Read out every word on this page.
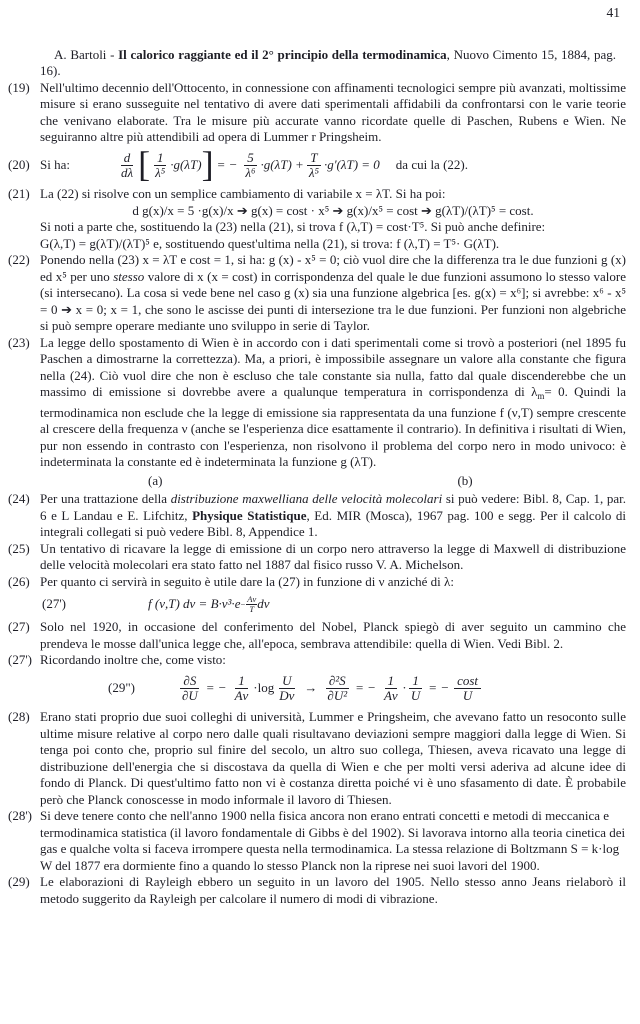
41
A. Bartoli - Il calorico raggiante ed il 2° principio della termodinamica, Nuovo Cimento 15, 1884, pag. 16).
(19) Nell'ultimo decennio dell'Ottocento, in connessione con affinamenti tecnologici sempre più avanzati, moltissime misure si erano susseguite nel tentativo di avere dati sperimentali affidabili da confrontarsi con le varie teorie che venivano elaborate. Tra le misure più accurate vanno ricordate quelle di Paschen, Rubens e Wien. Ne seguiranno altre più attendibili ad opera di Lummer r Pringsheim.
(20) Si ha:	$\frac{d}{d\lambda}$ [ $\frac{1}{\text{λ⁵}} \cdot g(\lambda T)$ ] = − $\frac{5}{\text{λ⁶}} \cdot g(\lambda T) + \frac{T}{\text{λ⁵}} \cdot g'(\lambda T) = 0$ da cui la (22).
(21) La (22) si risolve con un semplice cambiamento di variabile x = λT. Si ha poi:
d g(x)/x = 5 ·g(x)/x ➔ g(x) = cost · x⁵ ➔ g(x)/x⁵ = cost ➔ g(λT)/(λT)⁵ = cost.
Si noti a parte che, sostituendo la (23) nella (21), si trova f (λ,T) = cost·T⁵. Si può anche definire:
G(λ,T) = g(λT)/(λT)⁵ e, sostituendo quest'ultima nella (21), si trova: f (λ,T) = T⁵· G(λT).
(22) Ponendo nella (23) x = λT e cost = 1, si ha: g (x) - x⁵ = 0; ciò vuol dire che la differenza tra le due funzioni g (x) ed x⁵ per uno stesso valore di x (x = cost) in corrispondenza del quale le due funzioni assumono lo stesso valore (si intersecano). La cosa si vede bene nel caso g (x) sia una funzione algebrica [es. g(x) = x⁶]; si avrebbe: x⁶ - x⁵ = 0 ➔ x = 0; x = 1, che sono le ascisse dei punti di intersezione tra le due funzioni. Per funzioni non algebriche si può sempre operare mediante uno sviluppo in serie di Taylor.
(23) La legge dello spostamento di Wien è in accordo con i dati sperimentali come si trovò a posteriori (nel 1895 fu Paschen a dimostrarne la correttezza). Ma, a priori, è impossibile assegnare un valore alla constante che figura nella (24). Ciò vuol dire che non è escluso che tale constante sia nulla, fatto dal quale discenderebbe che un massimo di emissione si dovrebbe avere a qualunque temperatura in corrispondenza di $\lambda_m= 0$. Quindi la termodinamica non esclude che la legge di emissione sia rappresentata da una funzione f (ν,T) sempre crescente al crescere della frequenza ν (anche se l'esperienza dice esattamente il contrario). In definitiva i risultati di Wien, pur non essendo in contrasto con l'esperienza, non risolvono il problema del corpo nero in modo univoco: è indeterminata la constante ed è indeterminata la funzione g (λT).
(a)	(b)
(24) Per una trattazione della distribuzione maxwelliana delle velocità molecolari si può vedere: Bibl. 8, Cap. 1, par. 6 e L Landau e E. Lifchitz, Physique Statistique, Ed. MIR (Mosca), 1967 pag. 100 e segg. Per il calcolo di integrali collegati si può vedere Bibl. 8, Appendice 1.
(25) Un tentativo di ricavare la legge di emissione di un corpo nero attraverso la legge di Maxwell di distribuzione delle velocità molecolari era stato fatto nel 1887 dal fisico russo V. A. Michelson.
(26) Per quanto ci servirà in seguito è utile dare la (27) in funzione di ν anziché di λ:
(27')	f (ν,T) $d\nu = B\cdot\nu^3\cdot e - \frac{A\nu}{T}$ dν
(27) Solo nel 1920, in occasione del conferimento del Nobel, Planck spiegò di aver seguito un cammino che prendeva le mosse dall'unica legge che, all'epoca, sembrava attendibile: quella di Wien. Vedi Bibl. 2.
(27') Ricordando inoltre che, come visto:
(29")	$\frac{\partial S}{\partial U}$ = − $\frac{1}{A\nu} \cdot\log \frac{U}{D\nu} \to \frac{\text{∂²S}}{\text{∂U²}}$ = − $\frac{1}{A\nu} \cdot \frac{1}{U}$ = − $\frac{\cos t}{U}$
(28) Erano stati proprio due suoi colleghi di università, Lummer e Pringsheim, che avevano fatto un resoconto sulle ultime misure relative al corpo nero dalle quali risultavano deviazioni sempre maggiori dalla legge di Wien. Si tenga poi conto che, proprio sul finire del secolo, un altro suo collega, Thiesen, aveva ricavato una legge di distribuzione dell'energia che si discostava da quella di Wien e che per molti versi aderiva ad alcune idee di fondo di Planck. Di quest'ultimo fatto non vi è costanza diretta poiché vi è uno sfasamento di date. È probabile però che Planck conoscesse in modo informale il lavoro di Thiesen.
(28') Si deve tenere conto che nell'anno 1900 nella fisica ancora non erano entrati concetti e metodi di meccanica e termodinamica statistica (il lavoro fondamentale di Gibbs è del 1902). Si lavorava intorno alla teoria cinetica dei gas e qualche volta si faceva irrompere questa nella termodinamica. La stessa relazione di Boltzmann S = k·log W del 1877 era dormiente fino a quando lo stesso Planck non la riprese nei suoi lavori del 1900.
(29) Le elaborazioni di Rayleigh ebbero un seguito in un lavoro del 1905. Nello stesso anno Jeans rielaborò il metodo suggerito da Rayleigh per calcolare il numero di modi di vibrazione.
